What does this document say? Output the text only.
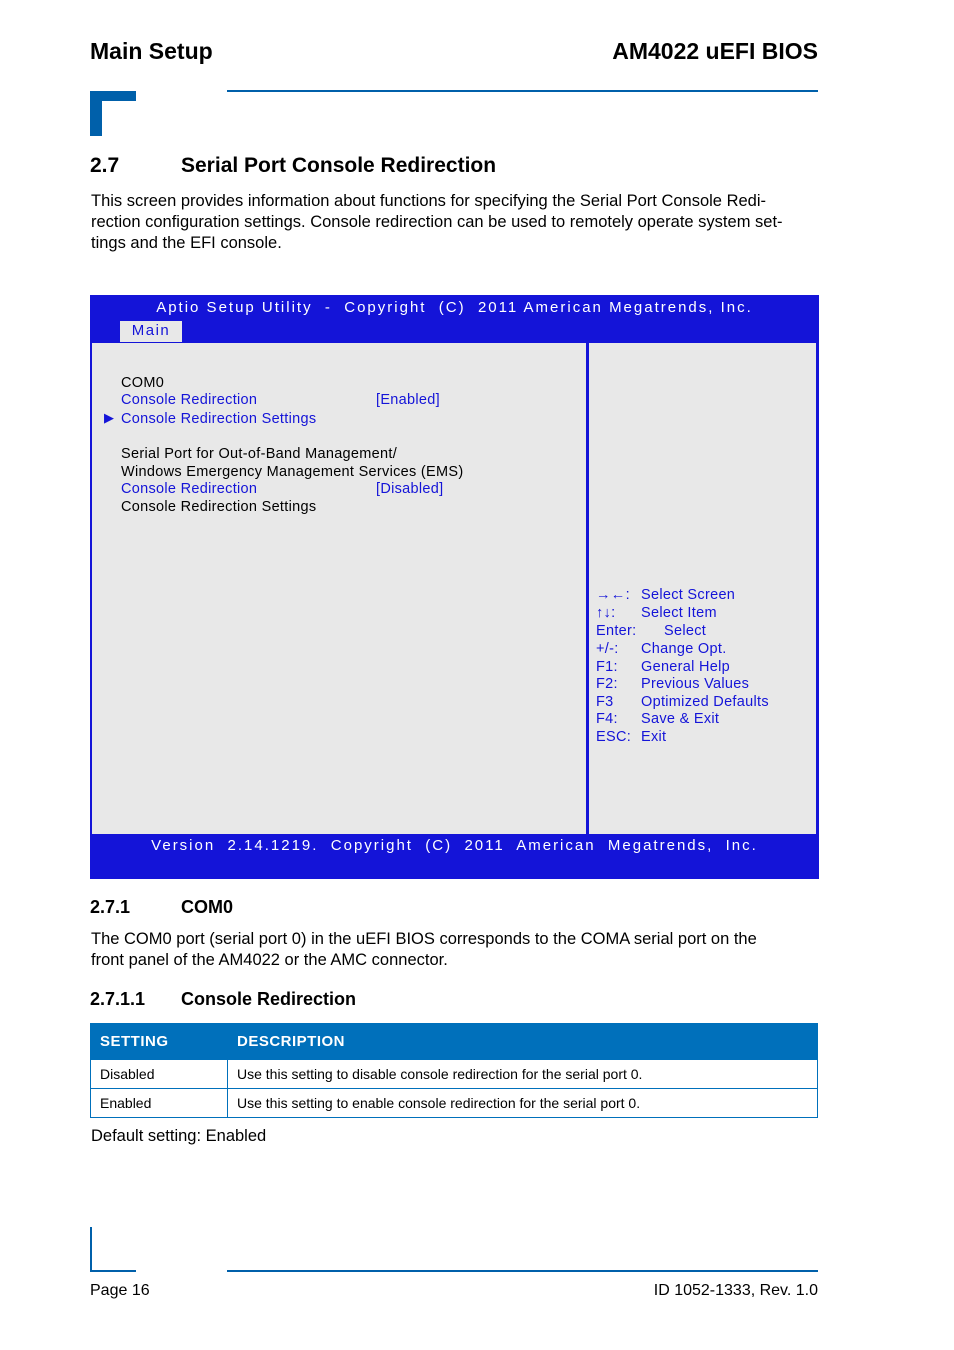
Main Setup	AM4022 uEFI BIOS
2.7	Serial Port Console Redirection
This screen provides information about functions for specifying the Serial Port Console Redi-
rection configuration settings. Console redirection can be used to remotely operate system set-
tings and the EFI console.
Aptio Setup Utility  -  Copyright  (C)  2011 American Megatrends, Inc.
Main
COM0
Console Redirection	[Enabled]
▶ Console Redirection Settings
Serial Port for Out-of-Band Management/
Windows Emergency Management Services (EMS)
Console Redirection	[Disabled]
Console Redirection Settings
→←: Select Screen
↑↓: Select Item
Enter: Select
+/-: Change Opt.
F1: General Help
F2: Previous Values
F3 Optimized Defaults
F4: Save & Exit
ESC: Exit
Version  2.14.1219.  Copyright  (C)  2011  American  Megatrends,  Inc.
2.7.1	COM0
The COM0 port (serial port 0) in the uEFI BIOS corresponds to the COMA serial port on the
front panel of the AM4022 or the AMC connector.
2.7.1.1 Console Redirection
SETTING	DESCRIPTION
Disabled	Use this setting to disable console redirection for the serial port 0.
Enabled	Use this setting to enable console redirection for the serial port 0.
Default setting: Enabled
Page 16	ID 1052-1333, Rev. 1.0
